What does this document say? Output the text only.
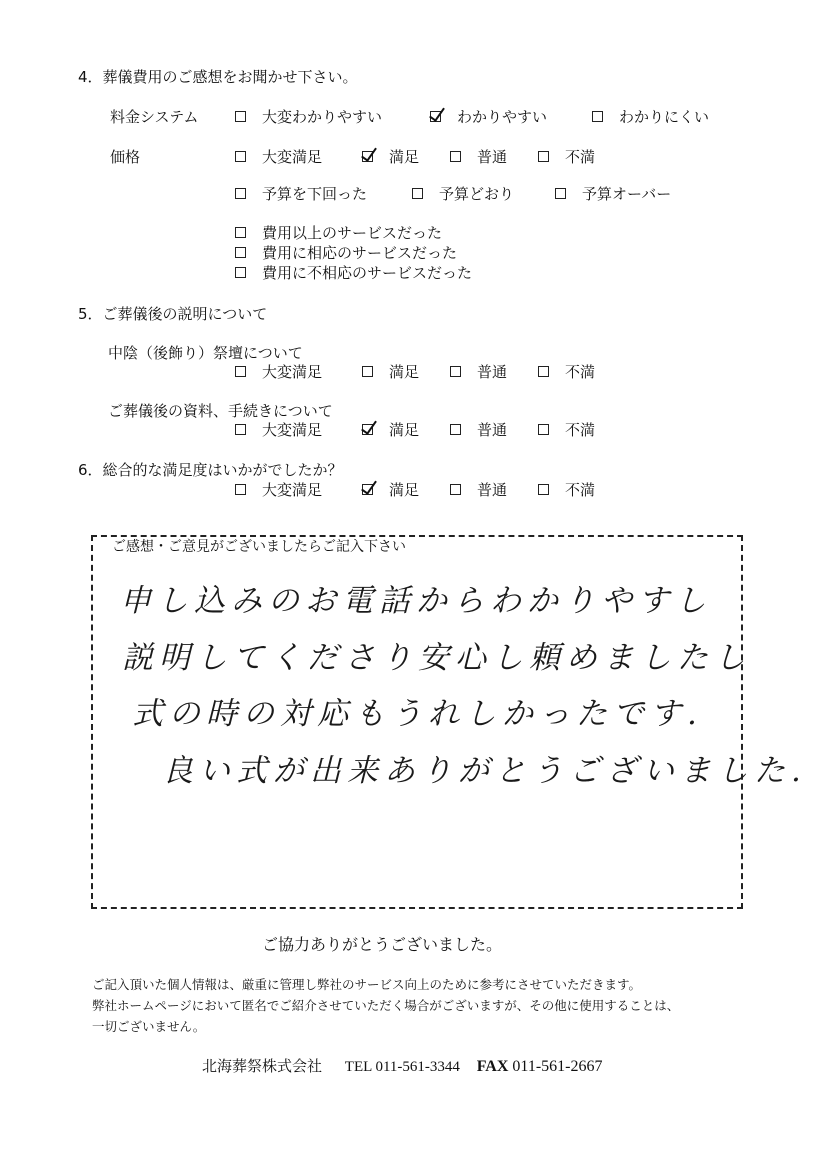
4．葬儀費用のご感想をお聞かせ下さい。
料金システム	大変わかりやすい	わかりやすい	わかりにくい
価格	大変満足	満足	普通	不満
予算を下回った	予算どおり	予算オーバー
費用以上のサービスだった
費用に相応のサービスだった
費用に不相応のサービスだった
5．ご葬儀後の説明について
中陰（後飾り）祭壇について
大変満足	満足	普通	不満
ご葬儀後の資料、手続きについて
大変満足	満足	普通	不満
6．総合的な満足度はいかがでしたか？
大変満足	満足	普通	不満
ご感想・ご意見がございましたらご記入下さい
申し込みのお電話からわかりやすし
説明してくださり安心し頼めましたし
式の時の対応もうれしかったです.
良い式が出来ありがとうございました.
ご協力ありがとうございました。
ご記入頂いた個人情報は、厳重に管理し弊社のサービス向上のために参考にさせていただきます。
弊社ホームページにおいて匿名でご紹介させていただく場合がございますが、その他に使用することは、
一切ございません。
北海葬祭株式会社 TEL 011-561-3344 FAX 011-561-2667
